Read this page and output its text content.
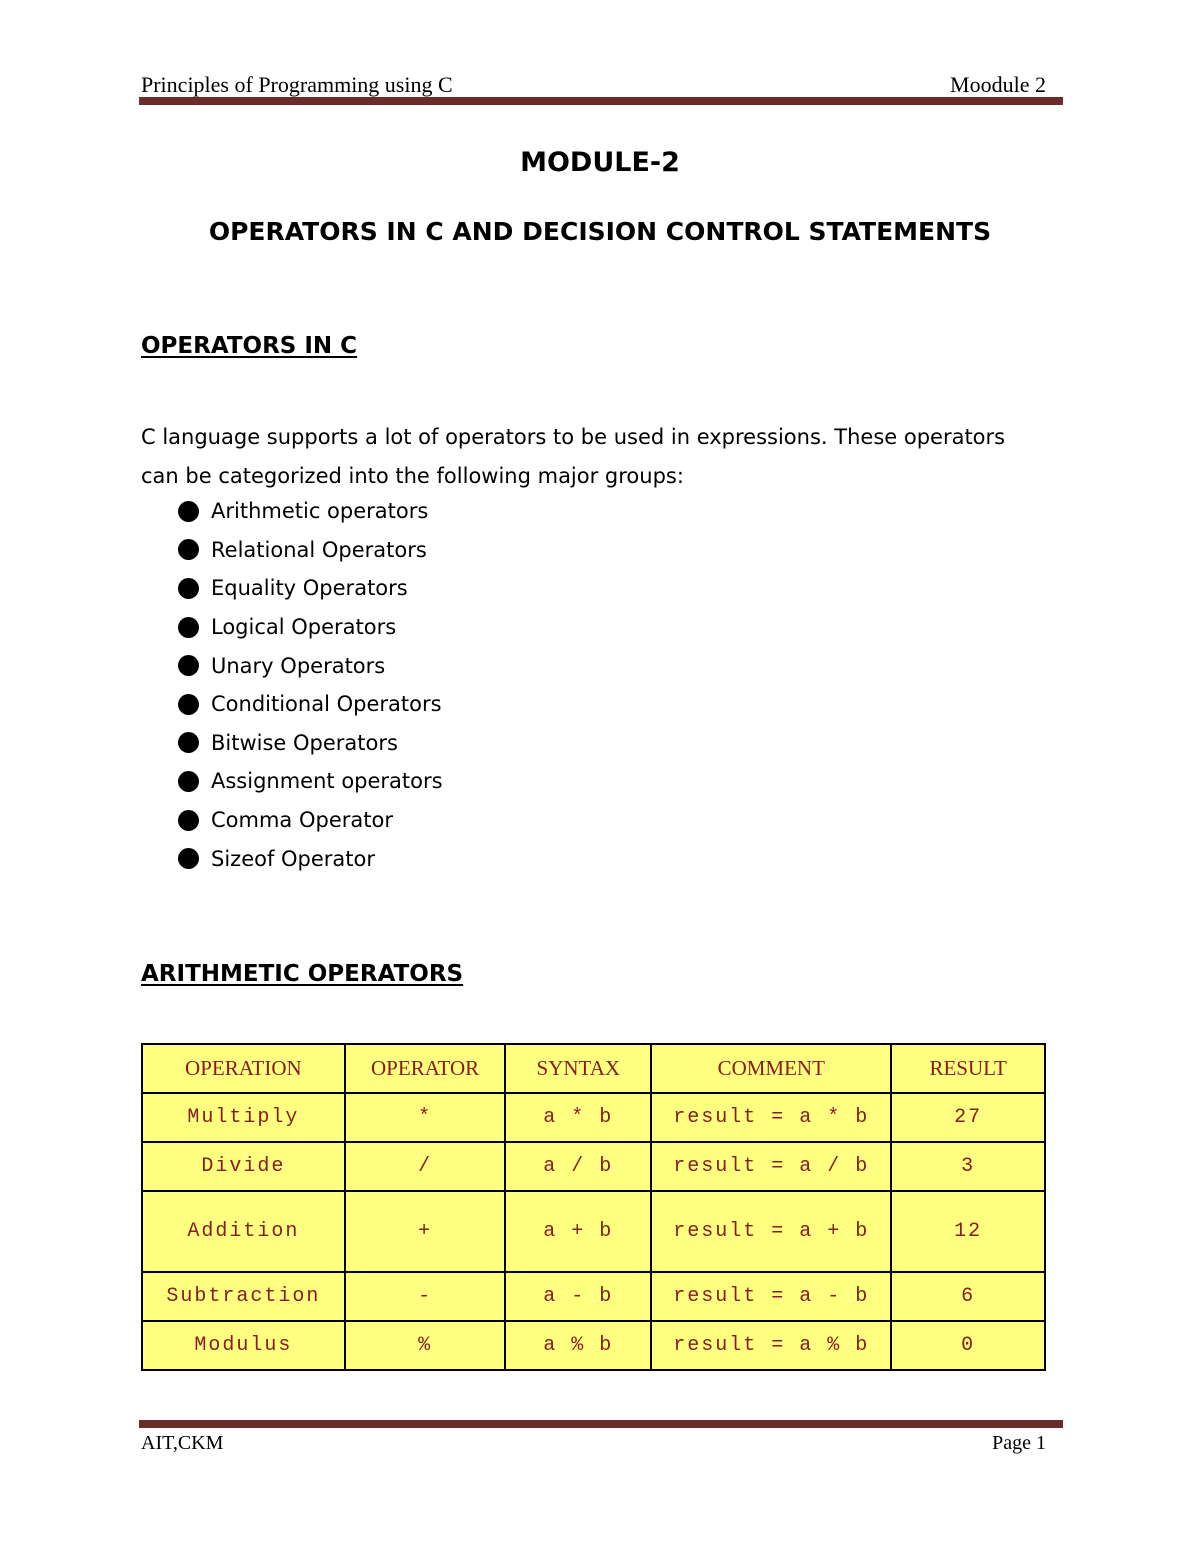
Principles of Programming using C	Moodule 2
MODULE-2
OPERATORS IN C AND DECISION CONTROL STATEMENTS
OPERATORS IN C
C language supports a lot of operators to be used in expressions. These operators
can be categorized into the following major groups:
Arithmetic operators
Relational Operators
Equality Operators
Logical Operators
Unary Operators
Conditional Operators
Bitwise Operators
Assignment operators
Comma Operator
Sizeof Operator
ARITHMETIC OPERATORS
OPERATION	OPERATOR	SYNTAX	COMMENT	RESULT
Multiply	*	a * b	result = a * b	27
Divide	/	a / b	result = a / b	3
Addition	+	a + b	result = a + b	12
Subtraction	-	a - b	result = a - b	6
Modulus	%	a % b	result = a % b	0
AIT,CKM	Page 1
